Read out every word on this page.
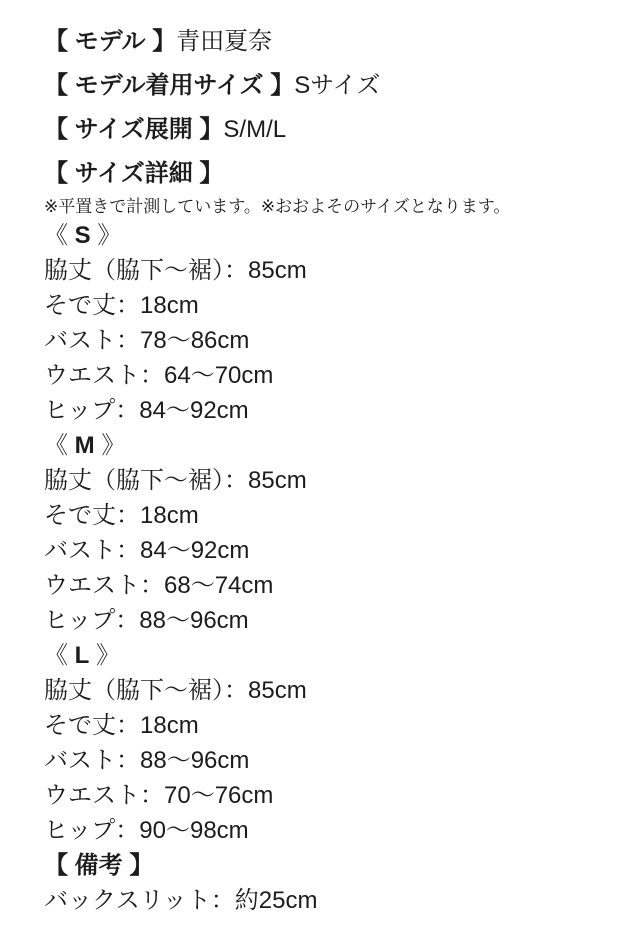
【 モデル 】青田夏奈
【 モデル着用サイズ 】Sサイズ
【 サイズ展開 】S/M/L
【 サイズ詳細 】
※平置きで計測しています。※おおよそのサイズとなります。
《 S 》
脇丈（脇下〜裾）：85cm
そで丈：18cm
バスト：78〜86cm
ウエスト：64〜70cm
ヒップ：84〜92cm
《 M 》
脇丈（脇下〜裾）：85cm
そで丈：18cm
バスト：84〜92cm
ウエスト：68〜74cm
ヒップ：88〜96cm
《 L 》
脇丈（脇下〜裾）：85cm
そで丈：18cm
バスト：88〜96cm
ウエスト：70〜76cm
ヒップ：90〜98cm
【 備考 】
バックスリット：約25cm
